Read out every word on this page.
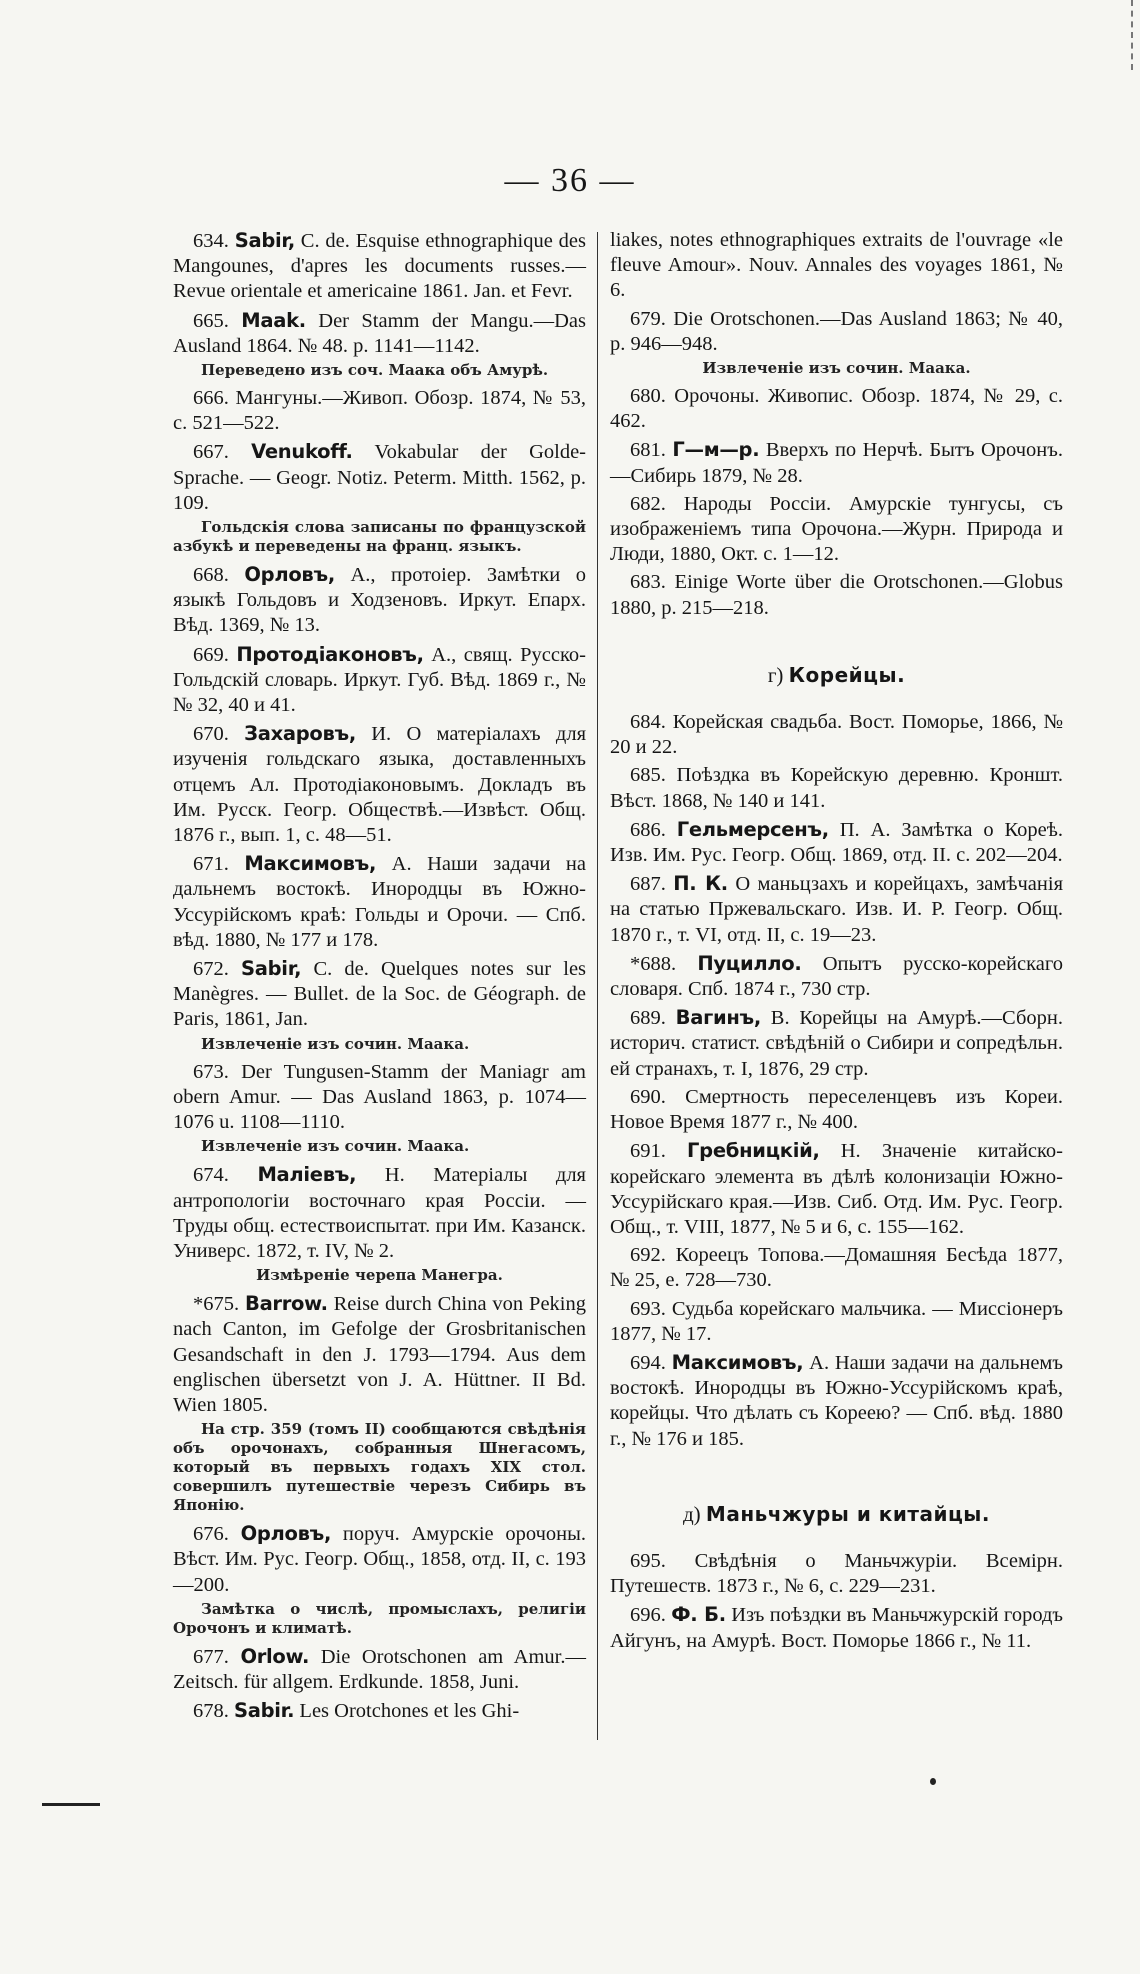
— 36 —
634. Sabir, C. de. Esquise ethnographique des Mangounes, d'apres les documents russes.—Revue orientale et americaine 1861. Jan. et Fevr.
665. Maak. Der Stamm der Mangu.—Das Ausland 1864. № 48. p. 1141—1142.
Переведено изъ соч. Маака объ Амурѣ.
666. Мангуны.—Живоп. Обозр. 1874, № 53, с. 521—522.
667. Venukoff. Vokabular der Golde-Sprache. — Geogr. Notiz. Peterm. Mitth. 1562, p. 109.
Гольдскія слова записаны по французской азбукѣ и переведены на франц. языкъ.
668. Орловъ, А., протоіер. Замѣтки о языкѣ Гольдовъ и Ходзеновъ. Иркут. Епарх. Вѣд. 1369, № 13.
669. Протодіаконовъ, А., свящ. Русско-Гольдскій словарь. Иркут. Губ. Вѣд. 1869 г., №№ 32, 40 и 41.
670. Захаровъ, И. О матеріалахъ для изученія гольдскаго языка, доставленныхъ отцемъ Ал. Протодіаконовымъ. Докладъ въ Им. Русск. Геогр. Обществѣ.—Извѣст. Общ. 1876 г., вып. 1, с. 48—51.
671. Максимовъ, А. Наши задачи на дальнемъ востокѣ. Инородцы въ Южно-Уссурійскомъ краѣ: Гольды и Орочи. — Спб. вѣд. 1880, № 177 и 178.
672. Sabir, C. de. Quelques notes sur les Manègres. — Bullet. de la Soc. de Géograph. de Paris, 1861, Jan.
Извлеченіе изъ сочин. Маака.
673. Der Tungusen-Stamm der Maniagr am obern Amur. — Das Ausland 1863, p. 1074—1076 u. 1108—1110.
Извлеченіе изъ сочин. Маака.
674. Маліевъ, Н. Матеріалы для антропологіи восточнаго края Россіи. — Труды общ. естествоиспытат. при Им. Казанск. Универс. 1872, т. IV, № 2.
Измѣреніе черепа Манегра.
*675. Barrow. Reise durch China von Peking nach Canton, im Gefolge der Grosbritanischen Gesandschaft in den J. 1793—1794. Aus dem englischen übersetzt von J. A. Hüttner. II Bd. Wien 1805.
На стр. 359 (томъ II) сообщаются свѣдѣнія объ орочонахъ, собранныя Шнегасомъ, который въ первыхъ годахъ XIX стол. совершилъ путешествіе черезъ Сибирь въ Японію.
676. Орловъ, поруч. Амурскіе орочоны. Вѣст. Им. Рус. Геогр. Общ., 1858, отд. II, с. 193—200.
Замѣтка о числѣ, промыслахъ, религіи Орочонъ и климатѣ.
677. Orlow. Die Orotschonen am Amur.—Zeitsch. für allgem. Erdkunde. 1858, Juni.
678. Sabir. Les Orotchones et les Ghi-
liakes, notes ethnographiques extraits de l'ouvrage «le fleuve Amour». Nouv. Annales des voyages 1861, № 6.
679. Die Orotschonen.—Das Ausland 1863; № 40, p. 946—948.
Извлеченіе изъ сочин. Маака.
680. Орочоны. Живопис. Обозр. 1874, № 29, с. 462.
681. Г—м—р. Вверхъ по Нерчѣ. Бытъ Орочонъ.—Сибирь 1879, № 28.
682. Народы Россіи. Амурскіе тунгусы, съ изображеніемъ типа Орочона.—Журн. Природа и Люди, 1880, Окт. с. 1—12.
683. Einige Worte über die Orotschonen.—Globus 1880, p. 215—218.
г) Корейцы.
684. Корейская свадьба. Вост. Поморье, 1866, № 20 и 22.
685. Поѣздка въ Корейскую деревню. Кроншт. Вѣст. 1868, № 140 и 141.
686. Гельмерсенъ, П. А. Замѣтка о Кореѣ. Изв. Им. Рус. Геогр. Общ. 1869, отд. II. с. 202—204.
687. П. К. О маньцзахъ и корейцахъ, замѣчанія на статью Пржевальскаго. Изв. И. Р. Геогр. Общ. 1870 г., т. VI, отд. II, с. 19—23.
*688. Пуцилло. Опытъ русско-корейскаго словаря. Спб. 1874 г., 730 стр.
689. Вагинъ, В. Корейцы на Амурѣ.—Сборн. историч. статист. свѣдѣній о Сибири и сопредѣльн. ей странахъ, т. I, 1876, 29 стр.
690. Смертность переселенцевъ изъ Кореи. Новое Время 1877 г., № 400.
691. Гребницкій, Н. Значеніе китайско-корейскаго элемента въ дѣлѣ колонизаціи Южно-Уссурійскаго края.—Изв. Сиб. Отд. Им. Рус. Геогр. Общ., т. VIII, 1877, № 5 и 6, с. 155—162.
692. Кореецъ Топова.—Домашняя Бесѣда 1877, № 25, е. 728—730.
693. Судьба корейскаго мальчика. — Миссіонеръ 1877, № 17.
694. Максимовъ, А. Наши задачи на дальнемъ востокѣ. Инородцы въ Южно-Уссурійскомъ краѣ, корейцы. Что дѣлать съ Кореею? — Спб. вѣд. 1880 г., № 176 и 185.
д) Маньчжуры и китайцы.
695. Свѣдѣнія о Маньчжуріи. Всемірн. Путешеств. 1873 г., № 6, с. 229—231.
696. Ф. Б. Изъ поѣздки въ Маньчжурскій городъ Айгунъ, на Амурѣ. Вост. Поморье 1866 г., № 11.
